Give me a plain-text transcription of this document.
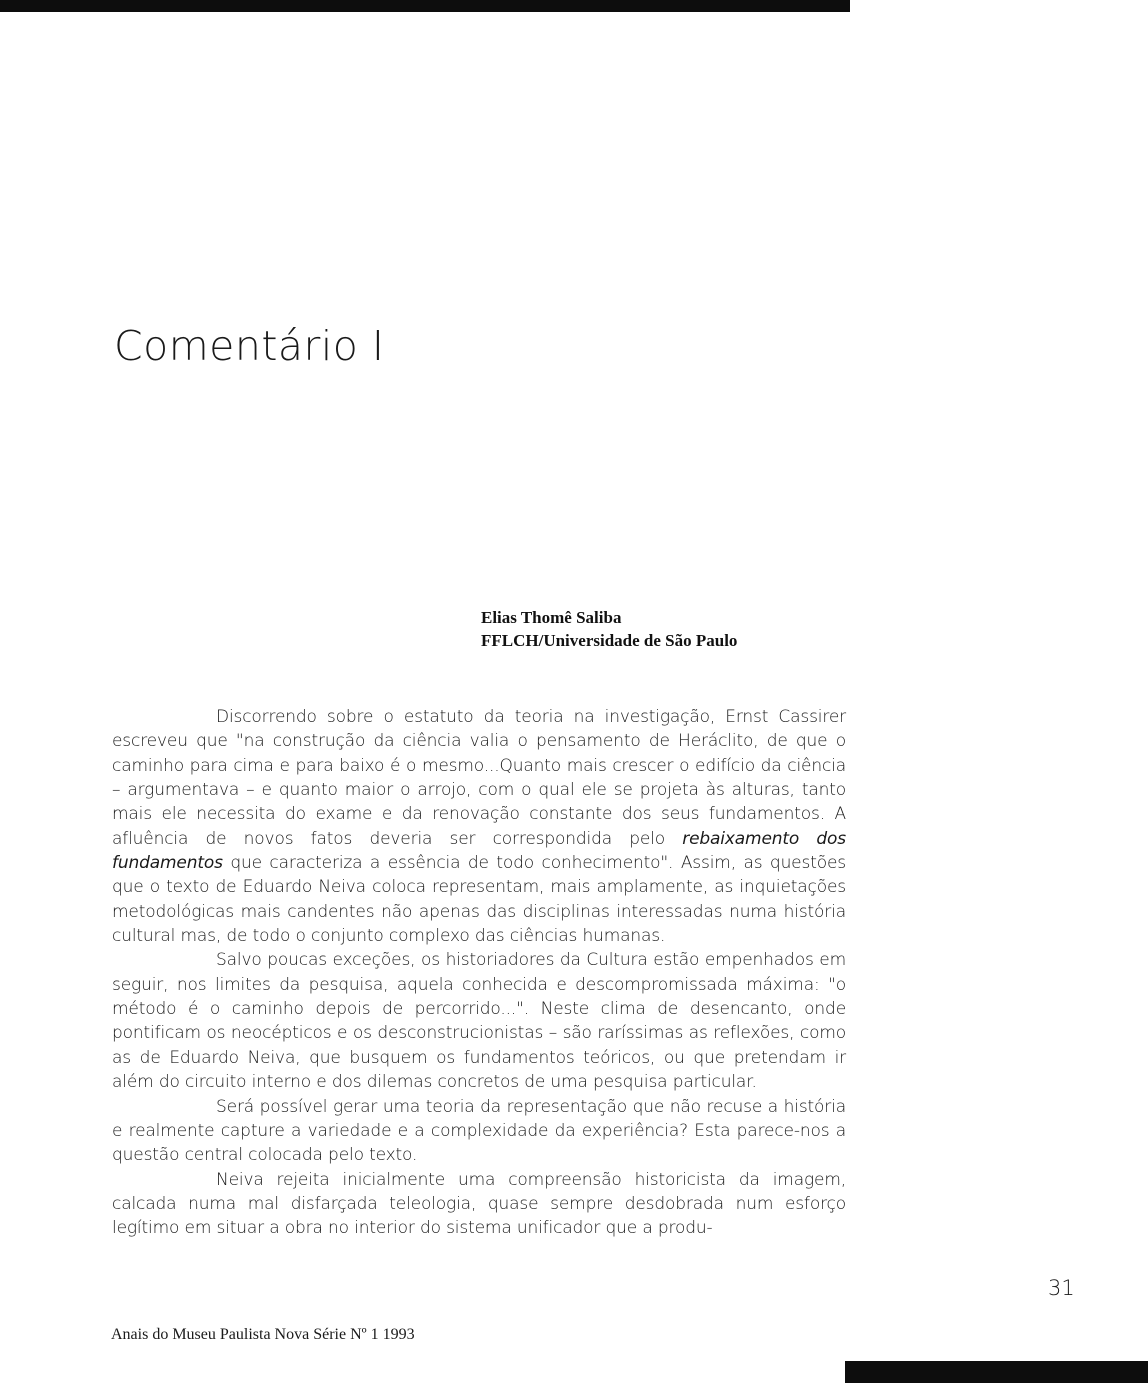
Comentário I
Elias Thomê Saliba
FFLCH/Universidade de São Paulo

Discorrendo sobre o estatuto da teoria na investigação, Ernst Cassirer escreveu que "na construção da ciência valia o pensamento de Heráclito, de que o caminho para cima e para baixo é o mesmo...Quanto mais crescer o edifício da ciência – argumentava – e quanto maior o arrojo, com o qual ele se projeta às alturas, tanto mais ele necessita do exame e da renovação constante dos seus fundamentos. A afluência de novos fatos deveria ser correspondida pelo rebaixamento dos fundamentos que caracteriza a essência de todo conhecimento". Assim, as questões que o texto de Eduardo Neiva coloca representam, mais amplamente, as inquietações metodológicas mais candentes não apenas das disciplinas interessadas numa história cultural mas, de todo o conjunto complexo das ciências humanas.

Salvo poucas exceções, os historiadores da Cultura estão empenhados em seguir, nos limites da pesquisa, aquela conhecida e descompromissada máxima: "o método é o caminho depois de percorrido...". Neste clima de desencanto, onde pontificam os neocépticos e os desconstrucionistas – são raríssimas as reflexões, como as de Eduardo Neiva, que busquem os fundamentos teóricos, ou que pretendam ir além do circuito interno e dos dilemas concretos de uma pesquisa particular.

Será possível gerar uma teoria da representação que não recuse a história e realmente capture a variedade e a complexidade da experiência? Esta parece-nos a questão central colocada pelo texto.

Neiva rejeita inicialmente uma compreensão historicista da imagem, calcada numa mal disfarçada teleologia, quase sempre desdobrada num esforço legítimo em situar a obra no interior do sistema unificador que a produ-

31
Anais do Museu Paulista Nova Série Nº 1 1993
